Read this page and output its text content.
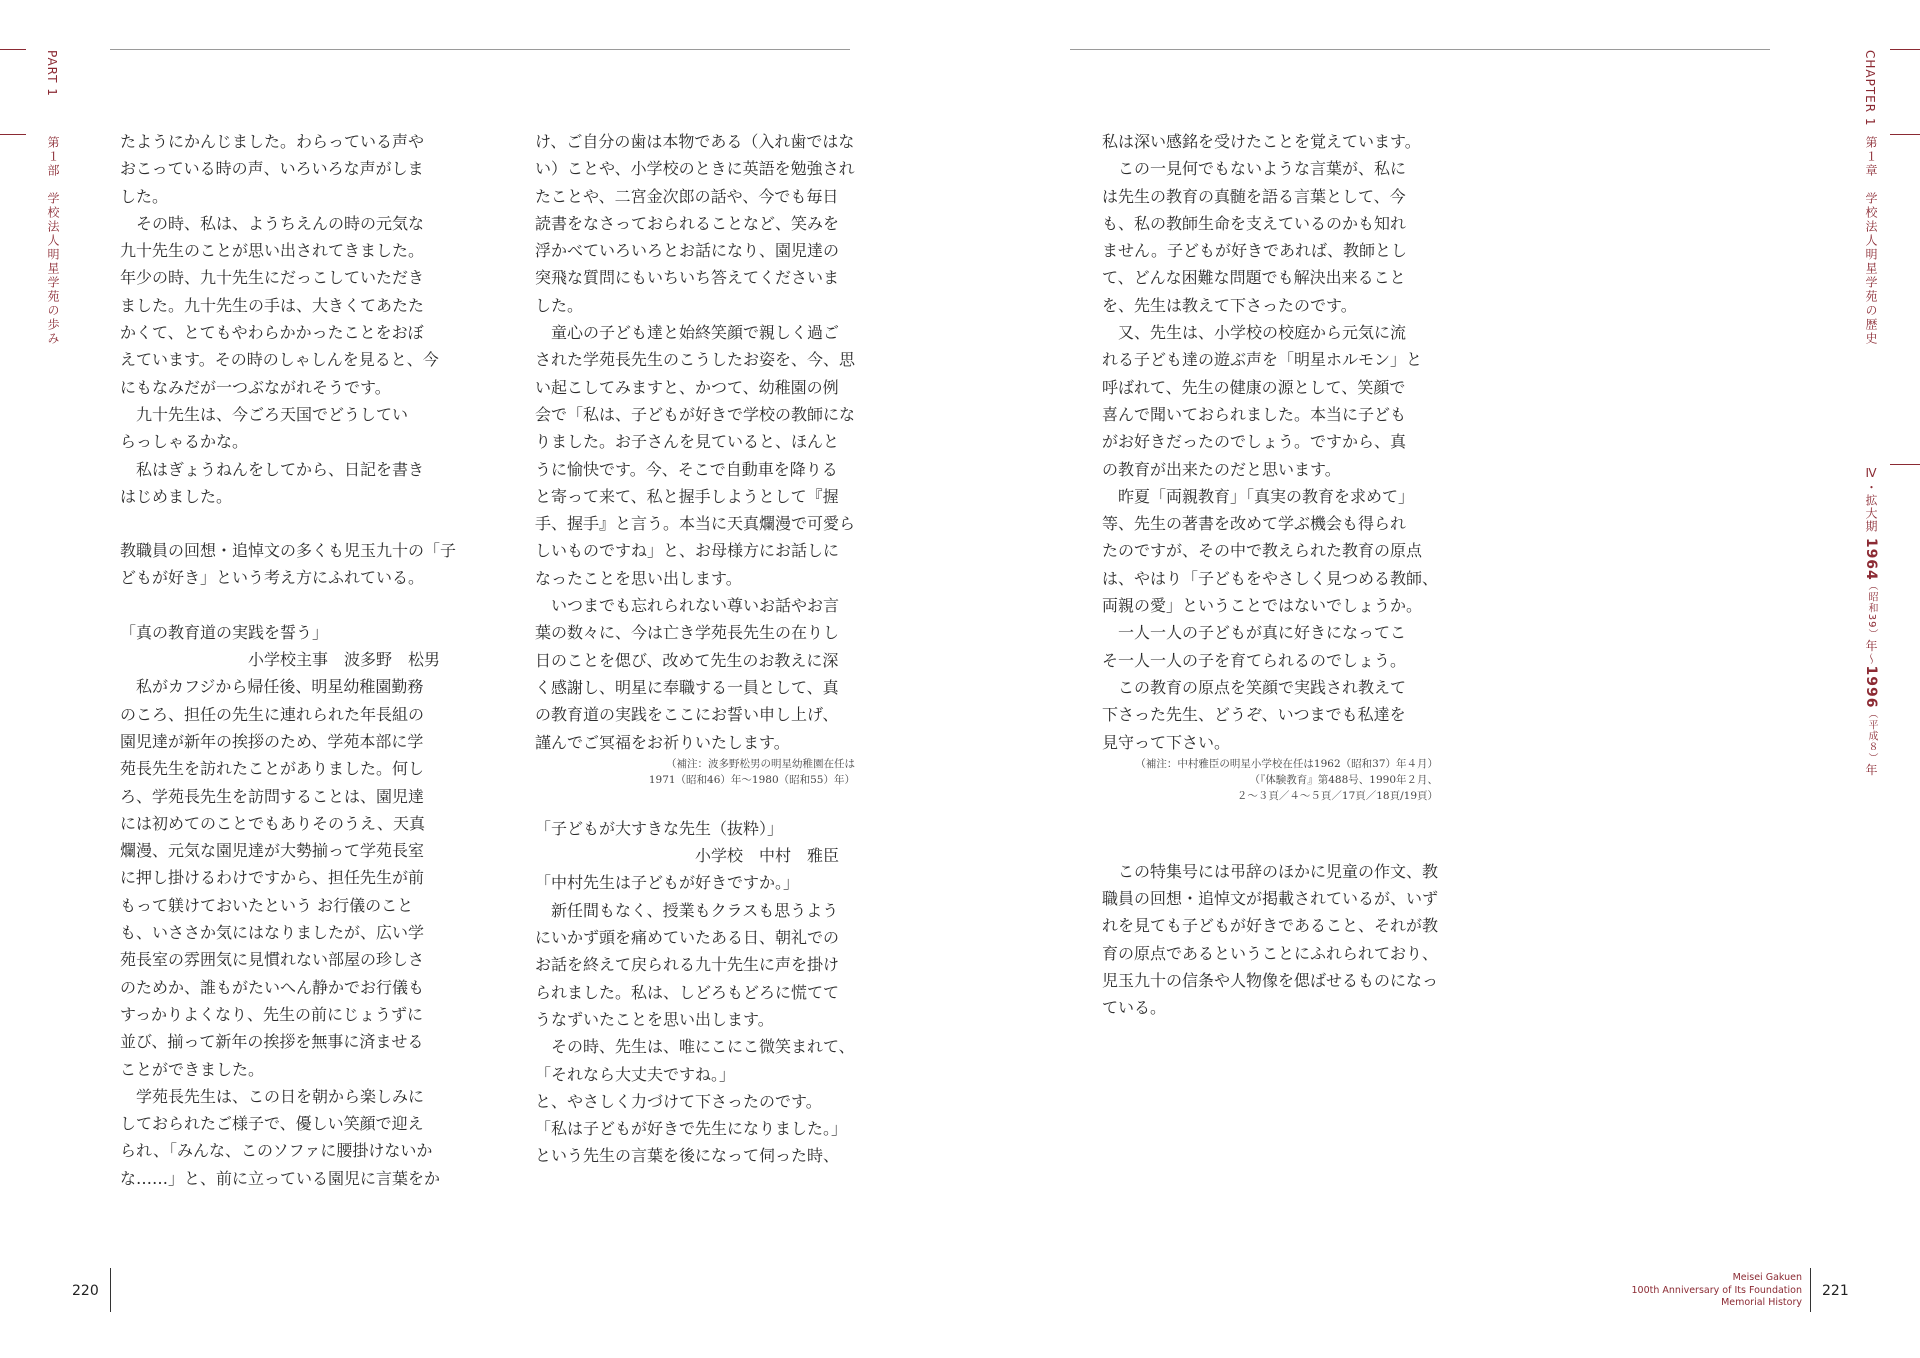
PART 1
第１部　学校法人明星学苑の歩み	たようにかんじました。わらっている声や

おこっている時の声、いろいろな声がしま

した。

　その時、私は、ようちえんの時の元気な

九十先生のことが思い出されてきました。

年少の時、九十先生にだっこしていただき

ました。九十先生の手は、大きくてあたた

かくて、とてもやわらかかったことをおぼ

えています。その時のしゃしんを見ると、今

にもなみだが一つぶながれそうです。

　九十先生は、今ごろ天国でどうしてい

らっしゃるかな。

　私はぎょうねんをしてから、日記を書き

はじめました。

教職員の回想・追悼文の多くも児玉九十の「子

どもが好き」という考え方にふれている。

「真の教育道の実践を誓う」

　　　　　　　　小学校主事　波多野　松男

　私がカフジから帰任後、明星幼稚園勤務

のころ、担任の先生に連れられた年長組の

園児達が新年の挨拶のため、学苑本部に学

苑長先生を訪れたことがありました。何し

ろ、学苑長先生を訪問することは、園児達

には初めてのことでもありそのうえ、天真

爛漫、元気な園児達が大勢揃って学苑長室

に押し掛けるわけですから、担任先生が前

もって躾けておいたという お行儀のこと

も、いささか気にはなりましたが、広い学

苑長室の雰囲気に見慣れない部屋の珍しさ

のためか、誰もがたいへん静かでお行儀も

すっかりよくなり、先生の前にじょうずに

並び、揃って新年の挨拶を無事に済ませる

ことができました。

　学苑長先生は、この日を朝から楽しみに

しておられたご様子で、優しい笑顔で迎え

られ、「みんな、このソファに腰掛けないか

な……」と、前に立っている園児に言葉をか

け、ご自分の歯は本物である（入れ歯ではな

い）ことや、小学校のときに英語を勉強され

たことや、二宮金次郎の話や、今でも毎日

読書をなさっておられることなど、笑みを

浮かべていろいろとお話になり、園児達の

突飛な質問にもいちいち答えてくださいま

した。

　童心の子ども達と始終笑顔で親しく過ご

された学苑長先生のこうしたお姿を、今、思

い起こしてみますと、かつて、幼稚園の例

会で「私は、子どもが好きで学校の教師にな

りました。お子さんを見ていると、ほんと

うに愉快です。今、そこで自動車を降りる

と寄って来て、私と握手しようとして『握

手、握手』と言う。本当に天真爛漫で可愛ら

しいものですね」と、お母様方にお話しに

なったことを思い出します。

　いつまでも忘れられない尊いお話やお言

葉の数々に、今は亡き学苑長先生の在りし

日のことを偲び、改めて先生のお教えに深

く感謝し、明星に奉職する一員として、真

の教育道の実践をここにお誓い申し上げ、

謹んでご冥福をお祈りいたします。

（補注：波多野松男の明星幼稚園在任は
1971（昭和46）年～1980（昭和55）年）

「子どもが大すきな先生（抜粋）」

　　　　　　　　　　小学校　中村　雅臣

「中村先生は子どもが好きですか。」

　新任間もなく、授業もクラスも思うよう

にいかず頭を痛めていたある日、朝礼での

お話を終えて戻られる九十先生に声を掛け

られました。私は、しどろもどろに慌てて

うなずいたことを思い出します。

　その時、先生は、唯にこにこ微笑まれて、

「それなら大丈夫ですね。」

と、やさしく力づけて下さったのです。

「私は子どもが好きで先生になりました。」

という先生の言葉を後になって伺った時、

220
CHAPTER 1
第１章　学校法人明星学苑の歴史
Ⅳ・拡大期 1964（昭和39）年～1996（平成８）年

私は深い感銘を受けたことを覚えています。

　この一見何でもないような言葉が、私に

は先生の教育の真髄を語る言葉として、今

も、私の教師生命を支えているのかも知れ

ません。子どもが好きであれば、教師とし

て、どんな困難な問題でも解決出来ること

を、先生は教えて下さったのです。

　又、先生は、小学校の校庭から元気に流

れる子ども達の遊ぶ声を「明星ホルモン」と

呼ばれて、先生の健康の源として、笑顔で

喜んで聞いておられました。本当に子ども

がお好きだったのでしょう。ですから、真

の教育が出来たのだと思います。

　昨夏「両親教育」「真実の教育を求めて」

等、先生の著書を改めて学ぶ機会も得られ

たのですが、その中で教えられた教育の原点

は、やはり「子どもをやさしく見つめる教師、

両親の愛」ということではないでしょうか。

　一人一人の子どもが真に好きになってこ

そ一人一人の子を育てられるのでしょう。

　この教育の原点を笑顔で実践され教えて

下さった先生、どうぞ、いつまでも私達を

見守って下さい。

（補注：中村雅臣の明星小学校在任は1962（昭和37）年４月）
（『体験教育』第488号、1990年２月、
２～３頁／４～５頁／17頁／18頁/19頁）

　この特集号には弔辞のほかに児童の作文、教

職員の回想・追悼文が掲載されているが、いず

れを見ても子どもが好きであること、それが教

育の原点であるということにふれられており、

児玉九十の信条や人物像を偲ばせるものになっ

ている。

Meisei Gakuen
100th Anniversary of Its Foundation
Memorial History
221
